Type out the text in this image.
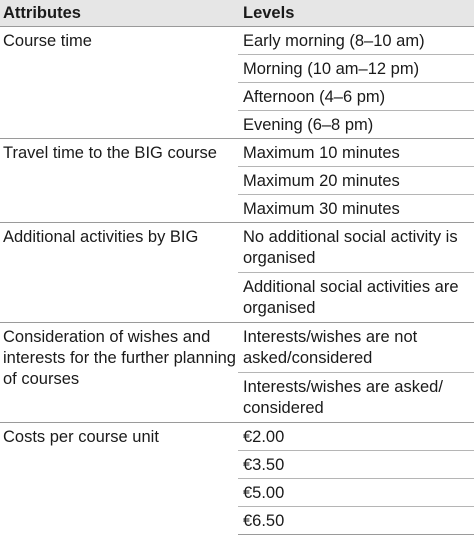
Attributes	Levels
Course time	Early morning (8–10 am)
	Morning (10 am–12 pm)
	Afternoon (4–6 pm)
	Evening (6–8 pm)
Travel time to the BIG course	Maximum 10 minutes
	Maximum 20 minutes
	Maximum 30 minutes
Additional activities by BIG	No additional social activity is organised
	Additional social activities are organised
Consideration of wishes and interests for the further planning of courses	Interests/wishes are not asked/considered
	Interests/wishes are asked/ considered
Costs per course unit	€2.00
	€3.50
	€5.00
	€6.50
